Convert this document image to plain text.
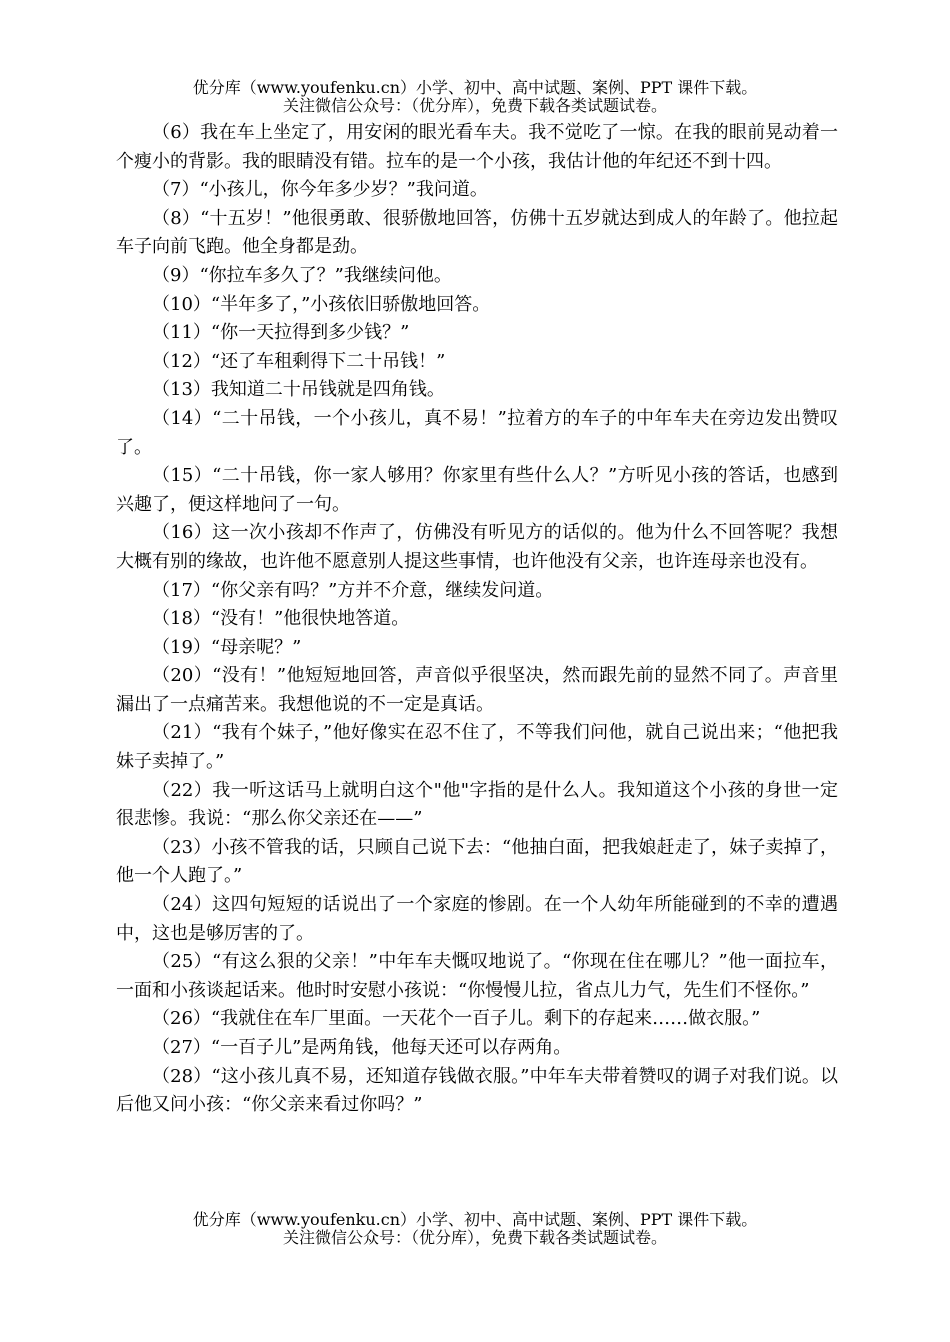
优分库（www.youfenku.cn）小学、初中、高中试题、案例、PPT 课件下载。
关注微信公众号：（优分库），免费下载各类试题试卷。

（6）我在车上坐定了，用安闲的眼光看车夫。我不觉吃了一惊。在我的眼前晃动着一个瘦小的背影。我的眼睛没有错。拉车的是一个小孩，我估计他的年纪还不到十四。

（7）“小孩儿，你今年多少岁？”我问道。

（8）“十五岁！”他很勇敢、很骄傲地回答，仿佛十五岁就达到成人的年龄了。他拉起车子向前飞跑。他全身都是劲。

（9）“你拉车多久了？”我继续问他。

（10）“半年多了，”小孩依旧骄傲地回答。

（11）“你一天拉得到多少钱？”

（12）“还了车租剩得下二十吊钱！”

（13）我知道二十吊钱就是四角钱。

（14）“二十吊钱，一个小孩儿，真不易！”拉着方的车子的中年车夫在旁边发出赞叹了。

（15）“二十吊钱，你一家人够用？你家里有些什么人？”方听见小孩的答话，也感到兴趣了，便这样地问了一句。

（16）这一次小孩却不作声了，仿佛没有听见方的话似的。他为什么不回答呢？我想大概有别的缘故，也许他不愿意别人提这些事情，也许他没有父亲，也许连母亲也没有。

（17）“你父亲有吗？”方并不介意，继续发问道。

（18）“没有！”他很快地答道。

（19）“母亲呢？”

（20）“没有！”他短短地回答，声音似乎很坚决，然而跟先前的显然不同了。声音里漏出了一点痛苦来。我想他说的不一定是真话。

（21）“我有个妹子，”他好像实在忍不住了，不等我们问他，就自己说出来；“他把我妹子卖掉了。”

（22）我一听这话马上就明白这个"他"字指的是什么人。我知道这个小孩的身世一定很悲惨。我说：“那么你父亲还在——”

（23）小孩不管我的话，只顾自己说下去：“他抽白面，把我娘赶走了，妹子卖掉了，他一个人跑了。”

（24）这四句短短的话说出了一个家庭的惨剧。在一个人幼年所能碰到的不幸的遭遇中，这也是够厉害的了。

（25）“有这么狠的父亲！”中年车夫慨叹地说了。“你现在住在哪儿？”他一面拉车，一面和小孩谈起话来。他时时安慰小孩说：“你慢慢儿拉，省点儿力气，先生们不怪你。”

（26）“我就住在车厂里面。一天花个一百子儿。剩下的存起来……做衣服。”

（27）“一百子儿”是两角钱，他每天还可以存两角。

（28）“这小孩儿真不易，还知道存钱做衣服。”中年车夫带着赞叹的调子对我们说。以后他又问小孩：“你父亲来看过你吗？”

优分库（www.youfenku.cn）小学、初中、高中试题、案例、PPT 课件下载。
关注微信公众号：（优分库），免费下载各类试题试卷。
